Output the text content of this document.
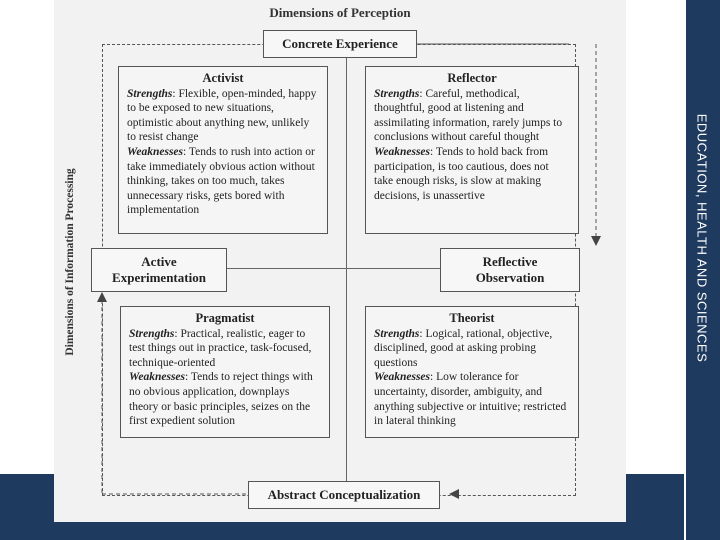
EDUCATION, HEALTH AND SCIENCES
Dimensions of Perception
Dimensions of Information Processing
Concrete Experience
Abstract Conceptualization
Active
Experimentation
Reflective
Observation
Activist
Strengths: Flexible, open-minded, happy to be exposed to new situations, optimistic about anything new, unlikely to resist change
Weaknesses: Tends to rush into action or take immediately obvious action without thinking, takes on too much, takes unnecessary risks, gets bored with implementation
Reflector
Strengths: Careful, methodical, thoughtful, good at listening and assimilating information, rarely jumps to conclusions without careful thought
Weaknesses: Tends to hold back from participation, is too cautious, does not take enough risks, is slow at making decisions, is unassertive
Pragmatist
Strengths: Practical, realistic, eager to test things out in practice, task-focused, technique-oriented
Weaknesses: Tends to reject things with no obvious application, downplays theory or basic principles, seizes on the first expedient solution
Theorist
Strengths: Logical, rational, objective, disciplined, good at asking probing questions
Weaknesses: Low tolerance for uncertainty, disorder, ambiguity, and anything subjective or intuitive; restricted in lateral thinking
